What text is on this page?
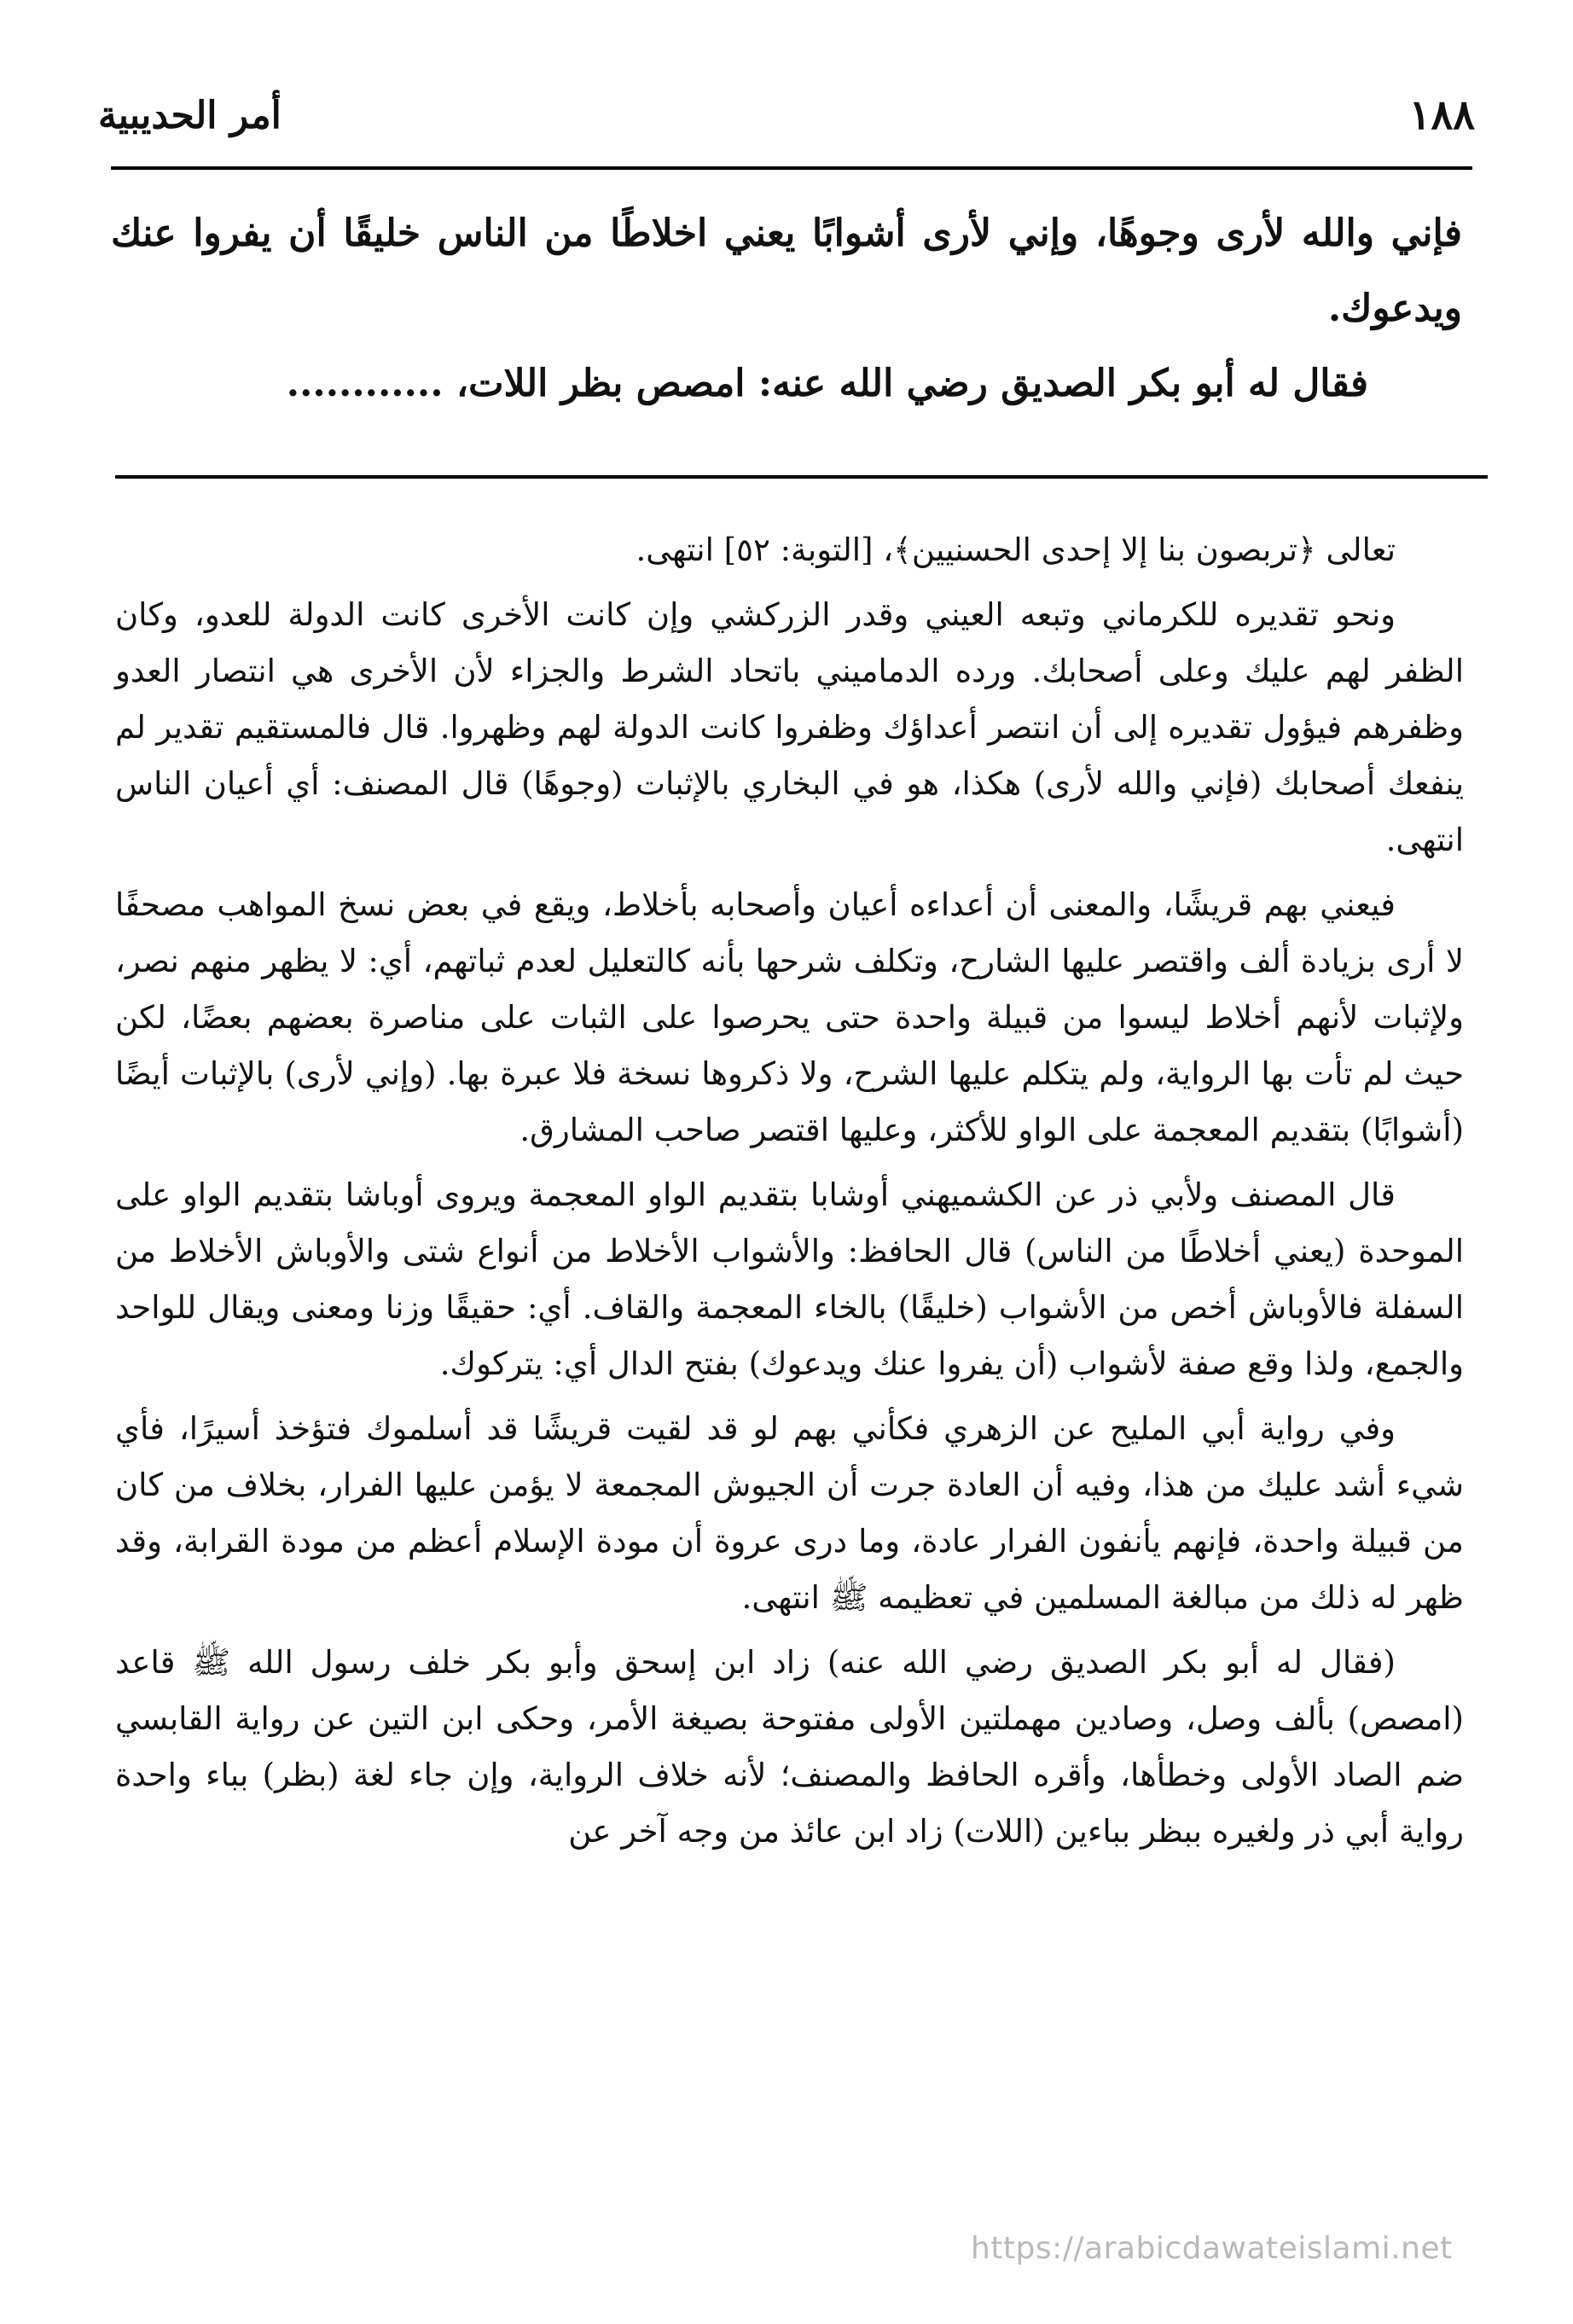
١٨٨
أمر الحديبية

فإني والله لأرى وجوهًا، وإني لأرى أشوابًا يعني اخلاطًا من الناس خليقًا أن يفروا عنك ويدعوك.

فقال له أبو بكر الصديق رضي الله عنه: امصص بظر اللات، ............

تعالى ﴿تربصون بنا إلا إحدى الحسنيين﴾، [التوبة: ٥٢] انتهى.

ونحو تقديره للكرماني وتبعه العيني وقدر الزركشي وإن كانت الأخرى كانت الدولة للعدو، وكان الظفر لهم عليك وعلى أصحابك. ورده الدماميني باتحاد الشرط والجزاء لأن الأخرى هي انتصار العدو وظفرهم فيؤول تقديره إلى أن انتصر أعداؤك وظفروا كانت الدولة لهم وظهروا. قال فالمستقيم تقدير لم ينفعك أصحابك (فإني والله لأرى) هكذا، هو في البخاري بالإثبات (وجوهًا) قال المصنف: أي أعيان الناس انتهى.

فيعني بهم قريشًا، والمعنى أن أعداءه أعيان وأصحابه بأخلاط، ويقع في بعض نسخ المواهب مصحفًا لا أرى بزيادة ألف واقتصر عليها الشارح، وتكلف شرحها بأنه كالتعليل لعدم ثباتهم، أي: لا يظهر منهم نصر، ولإثبات لأنهم أخلاط ليسوا من قبيلة واحدة حتى يحرصوا على الثبات على مناصرة بعضهم بعضًا، لكن حيث لم تأت بها الرواية، ولم يتكلم عليها الشرح، ولا ذكروها نسخة فلا عبرة بها. (وإني لأرى) بالإثبات أيضًا (أشوابًا) بتقديم المعجمة على الواو للأكثر، وعليها اقتصر صاحب المشارق.

قال المصنف ولأبي ذر عن الكشميهني أوشابا بتقديم الواو المعجمة ويروى أوباشا بتقديم الواو على الموحدة (يعني أخلاطًا من الناس) قال الحافظ: والأشواب الأخلاط من أنواع شتى والأوباش الأخلاط من السفلة فالأوباش أخص من الأشواب (خليقًا) بالخاء المعجمة والقاف. أي: حقيقًا وزنا ومعنى ويقال للواحد والجمع، ولذا وقع صفة لأشواب (أن يفروا عنك ويدعوك) بفتح الدال أي: يتركوك.

وفي رواية أبي المليح عن الزهري فكأني بهم لو قد لقيت قريشًا قد أسلموك فتؤخذ أسيرًا، فأي شيء أشد عليك من هذا، وفيه أن العادة جرت أن الجيوش المجمعة لا يؤمن عليها الفرار، بخلاف من كان من قبيلة واحدة، فإنهم يأنفون الفرار عادة، وما درى عروة أن مودة الإسلام أعظم من مودة القرابة، وقد ظهر له ذلك من مبالغة المسلمين في تعظيمه ﷺ انتهى.

(فقال له أبو بكر الصديق رضي الله عنه) زاد ابن إسحق وأبو بكر خلف رسول الله ﷺ قاعد (امصص) بألف وصل، وصادين مهملتين الأولى مفتوحة بصيغة الأمر، وحكى ابن التين عن رواية القابسي ضم الصاد الأولى وخطأها، وأقره الحافظ والمصنف؛ لأنه خلاف الرواية، وإن جاء لغة (بظر) بباء واحدة رواية أبي ذر ولغيره ببظر بباءين (اللات) زاد ابن عائذ من وجه آخر عن

https://arabicdawateislami.net
